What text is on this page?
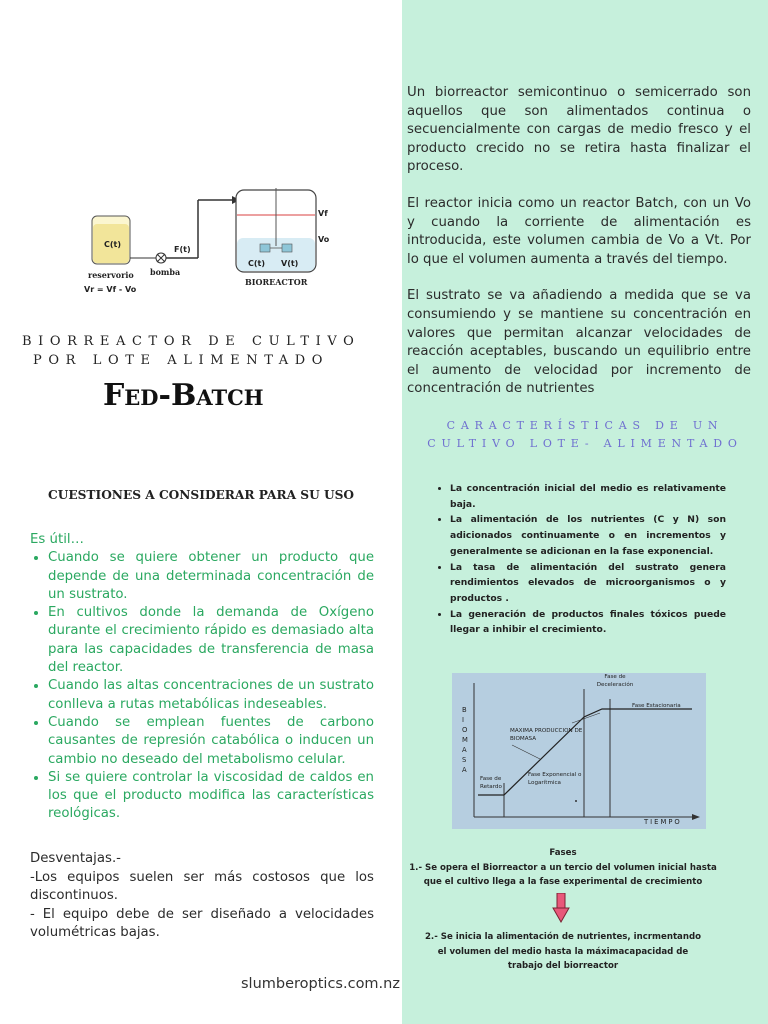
C(t)
reservorio bomba
F(t)
Vr = Vf - Vo
Vf
Vo
C(t) V(t)
BIOREACTOR

BIORREACTOR DE CULTIVO

POR LOTE ALIMENTADO

Fed-Batch
CUESTIONES A CONSIDERAR PARA SU USO
Es útil…
• Cuando se quiere obtener un producto que depende de una determinada concentración de un sustrato.
• En cultivos donde la demanda de Oxígeno durante el crecimiento rápido es demasiado alta para las capacidades de transferencia de masa del reactor.
• Cuando las altas concentraciones de un sustrato conlleva a rutas metabólicas indeseables.
• Cuando se emplean fuentes de carbono causantes de represión catabólica o inducen un cambio no deseado del metabolismo celular.
• Si se quiere controlar la viscosidad de caldos en los que el producto modifica las características reológicas.

Desventajas.-

-Los equipos suelen ser más costosos que los discontinuos.

- El equipo debe de ser diseñado a velocidades volumétricas bajas.

slumberoptics.com.nz

Un biorreactor semicontinuo o semicerrado son aquellos que son alimentados continua o secuencialmente con cargas de medio fresco y el producto crecido no se retira hasta finalizar el proceso.

El reactor inicia como un reactor Batch, con un Vo y cuando la corriente de alimentación es introducida, este volumen cambia de Vo a Vt. Por lo que el volumen aumenta a través del tiempo.

El sustrato se va añadiendo a medida que se va consumiendo y se mantiene su concentración en valores que permitan alcanzar velocidades de reacción aceptables, buscando un equilibrio entre el aumento de velocidad por incremento de concentración de nutrientes

CARACTERÍSTICAS DE UN

CULTIVO LOTE- ALIMENTADO

• La concentración inicial del medio es relativamente baja.
• La alimentación de los nutrientes (C y N) son adicionados continuamente o en incrementos y generalmente se adicionan en la fase exponencial.
• La tasa de alimentación del sustrato genera rendimientos elevados de microorganismos o y productos .
• La generación de productos finales tóxicos puede llegar a inhibir el crecimiento.
BIOMASA
TIEMPO
Fase de Deceleración
Fase Estacionaria
MAXIMA PRODUCCION DE BIOMASA
Fase de Retardo
Fase Exponencial o Logarítmica

Fases

1.- Se opera el Biorreactor a un tercio del volumen inicial hasta que el cultivo llega a la fase experimental de crecimiento

2.- Se inicia la alimentación de nutrientes, incrmentando el volumen del medio hasta la máximacapacidad de trabajo del biorreactor
